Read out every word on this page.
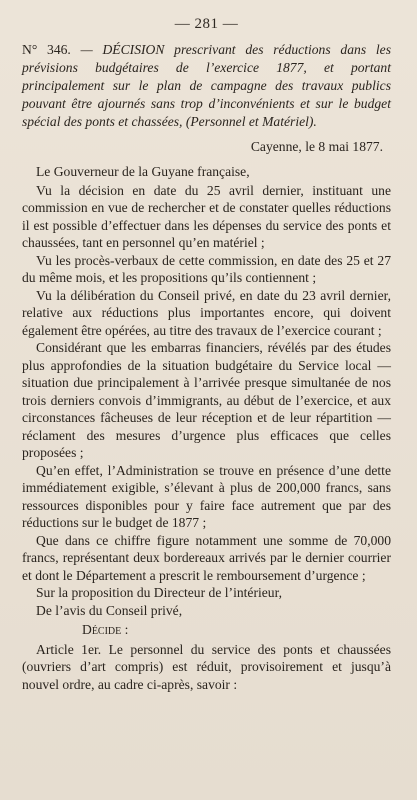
— 281 —
N° 346. — DÉCISION prescrivant des réductions dans les prévisions budgétaires de l’exercice 1877, et portant principalement sur le plan de campagne des travaux publics pouvant être ajournés sans trop d’inconvénients et sur le budget spécial des ponts et chassées, (Personnel et Matériel).
Cayenne, le 8 mai 1877.

Le Gouverneur de la Guyane française,

Vu la décision en date du 25 avril dernier, instituant une commission en vue de rechercher et de constater quelles réductions il est possible d’effectuer dans les dépenses du service des ponts et chaussées, tant en personnel qu’en matériel ;

Vu les procès-verbaux de cette commission, en date des 25 et 27 du même mois, et les propositions qu’ils contiennent ;

Vu la délibération du Conseil privé, en date du 23 avril dernier, relative aux réductions plus importantes encore, qui doivent également être opérées, au titre des travaux de l’exercice courant ;

Considérant que les embarras financiers, révélés par des études plus approfondies de la situation budgétaire du Service local — situation due principalement à l’arrivée presque simultanée de nos trois derniers convois d’immigrants, au début de l’exercice, et aux circonstances fâcheuses de leur réception et de leur répartition — réclament des mesures d’urgence plus efficaces que celles proposées ;

Qu’en effet, l’Administration se trouve en présence d’une dette immédiatement exigible, s’élevant à plus de 200,000 francs, sans ressources disponibles pour y faire face autrement que par des réductions sur le budget de 1877 ;

Que dans ce chiffre figure notamment une somme de 70,000 francs, représentant deux bordereaux arrivés par le dernier courrier et dont le Département a prescrit le remboursement d’urgence ;

Sur la proposition du Directeur de l’intérieur,

De l’avis du Conseil privé,

Décide :

Article 1er. Le personnel du service des ponts et chaussées (ouvriers d’art compris) est réduit, provisoirement et jusqu’à nouvel ordre, au cadre ci-après, savoir :
